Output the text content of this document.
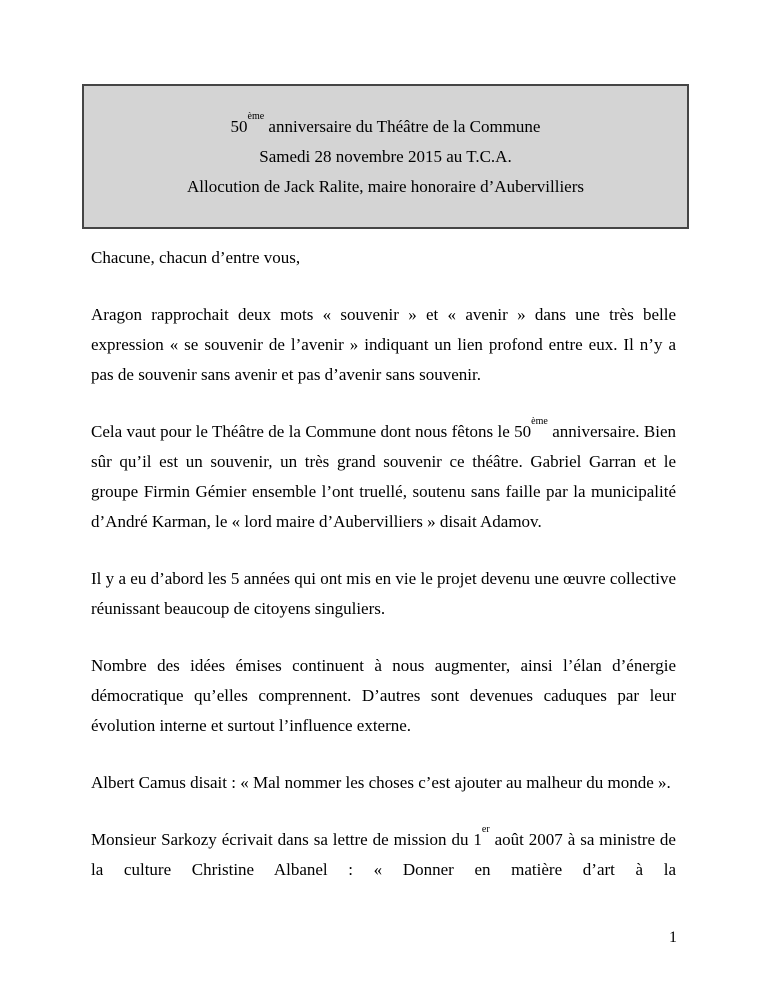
50ème anniversaire du Théâtre de la Commune
Samedi 28 novembre 2015 au T.C.A.
Allocution de Jack Ralite, maire honoraire d’Aubervilliers

Chacune, chacun d’entre vous,

Aragon rapprochait deux mots « souvenir » et « avenir » dans une très belle expression « se souvenir de l’avenir » indiquant un lien profond entre eux. Il n’y a pas de souvenir sans avenir et pas d’avenir sans souvenir.

Cela vaut pour le Théâtre de la Commune dont nous fêtons le 50ème anniversaire. Bien sûr qu’il est un souvenir, un très grand souvenir ce théâtre. Gabriel Garran et le groupe Firmin Gémier ensemble l’ont truellé, soutenu sans faille par la municipalité d’André Karman, le « lord maire d’Aubervilliers » disait Adamov.

Il y a eu d’abord les 5 années qui ont mis en vie le projet devenu une œuvre collective réunissant beaucoup de citoyens singuliers.

Nombre des idées émises continuent à nous augmenter, ainsi l’élan d’énergie démocratique qu’elles comprennent. D’autres sont devenues caduques par leur évolution interne et surtout l’influence externe.

Albert Camus disait : « Mal nommer les choses c’est ajouter au malheur du monde ».

Monsieur Sarkozy écrivait dans sa lettre de mission du 1er août 2007 à sa ministre de la culture Christine Albanel : « Donner en matière d’art à la

1
